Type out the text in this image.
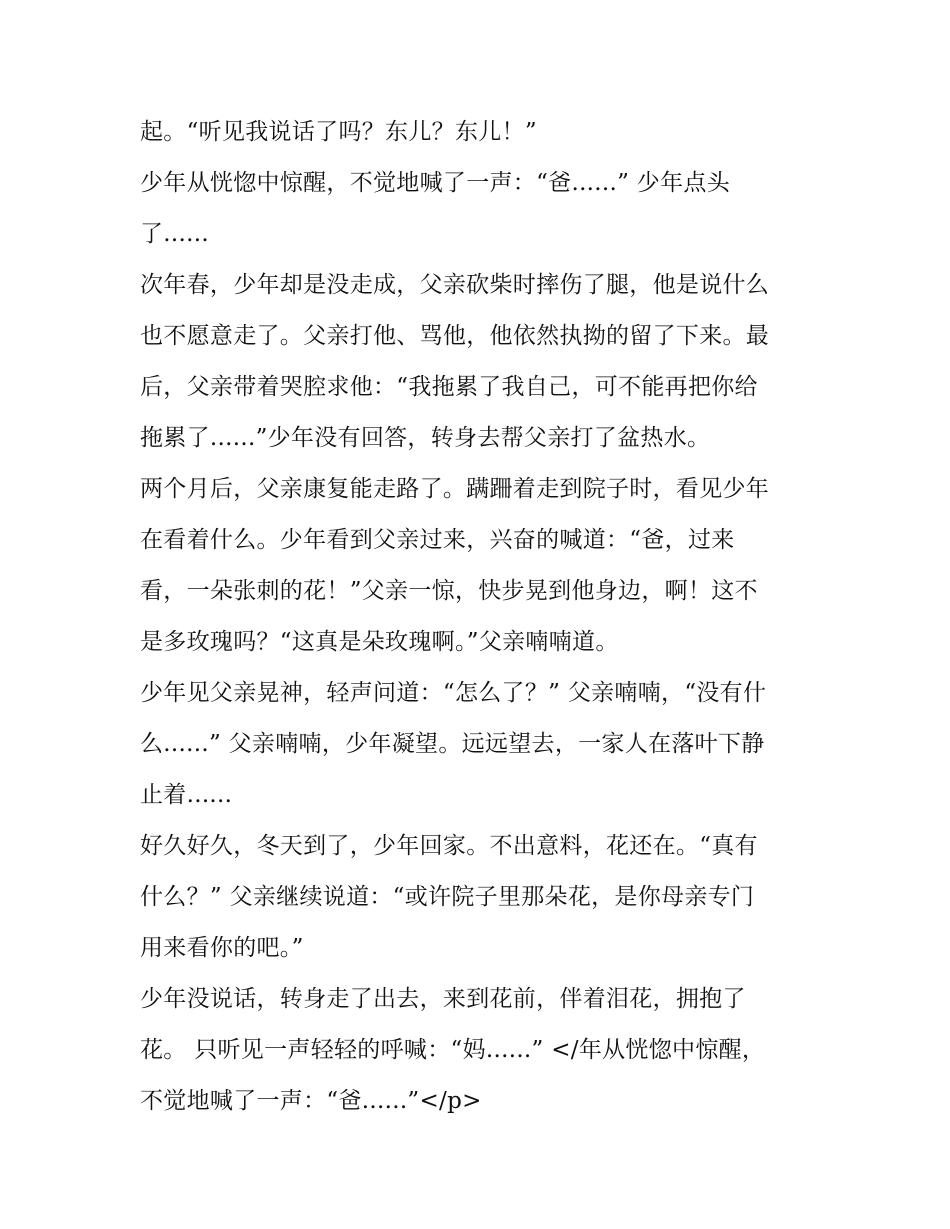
起。“听见我说话了吗？东儿？东儿！”
少年从恍惚中惊醒，不觉地喊了一声：“爸......” 少年点头
了......
次年春，少年却是没走成，父亲砍柴时摔伤了腿，他是说什么
也不愿意走了。父亲打他、骂他，他依然执拗的留了下来。最
后，父亲带着哭腔求他：“我拖累了我自己，可不能再把你给
拖累了......”少年没有回答，转身去帮父亲打了盆热水。
两个月后，父亲康复能走路了。蹒跚着走到院子时，看见少年
在看着什么。少年看到父亲过来，兴奋的喊道：“爸，过来
看，一朵张刺的花！”父亲一惊，快步晃到他身边，啊！这不
是多玫瑰吗？“这真是朵玫瑰啊。”父亲喃喃道。
少年见父亲晃神，轻声问道：“怎么了？” 父亲喃喃，“没有什
么......” 父亲喃喃，少年凝望。远远望去，一家人在落叶下静
止着......
好久好久，冬天到了，少年回家。不出意料，花还在。“真有
什么？” 父亲继续说道：“或许院子里那朵花，是你母亲专门
用来看你的吧。”
少年没说话，转身走了出去，来到花前，伴着泪花，拥抱了
花。 只听见一声轻轻的呼喊：“妈......” </年从恍惚中惊醒，
不觉地喊了一声：“爸......”</p>
